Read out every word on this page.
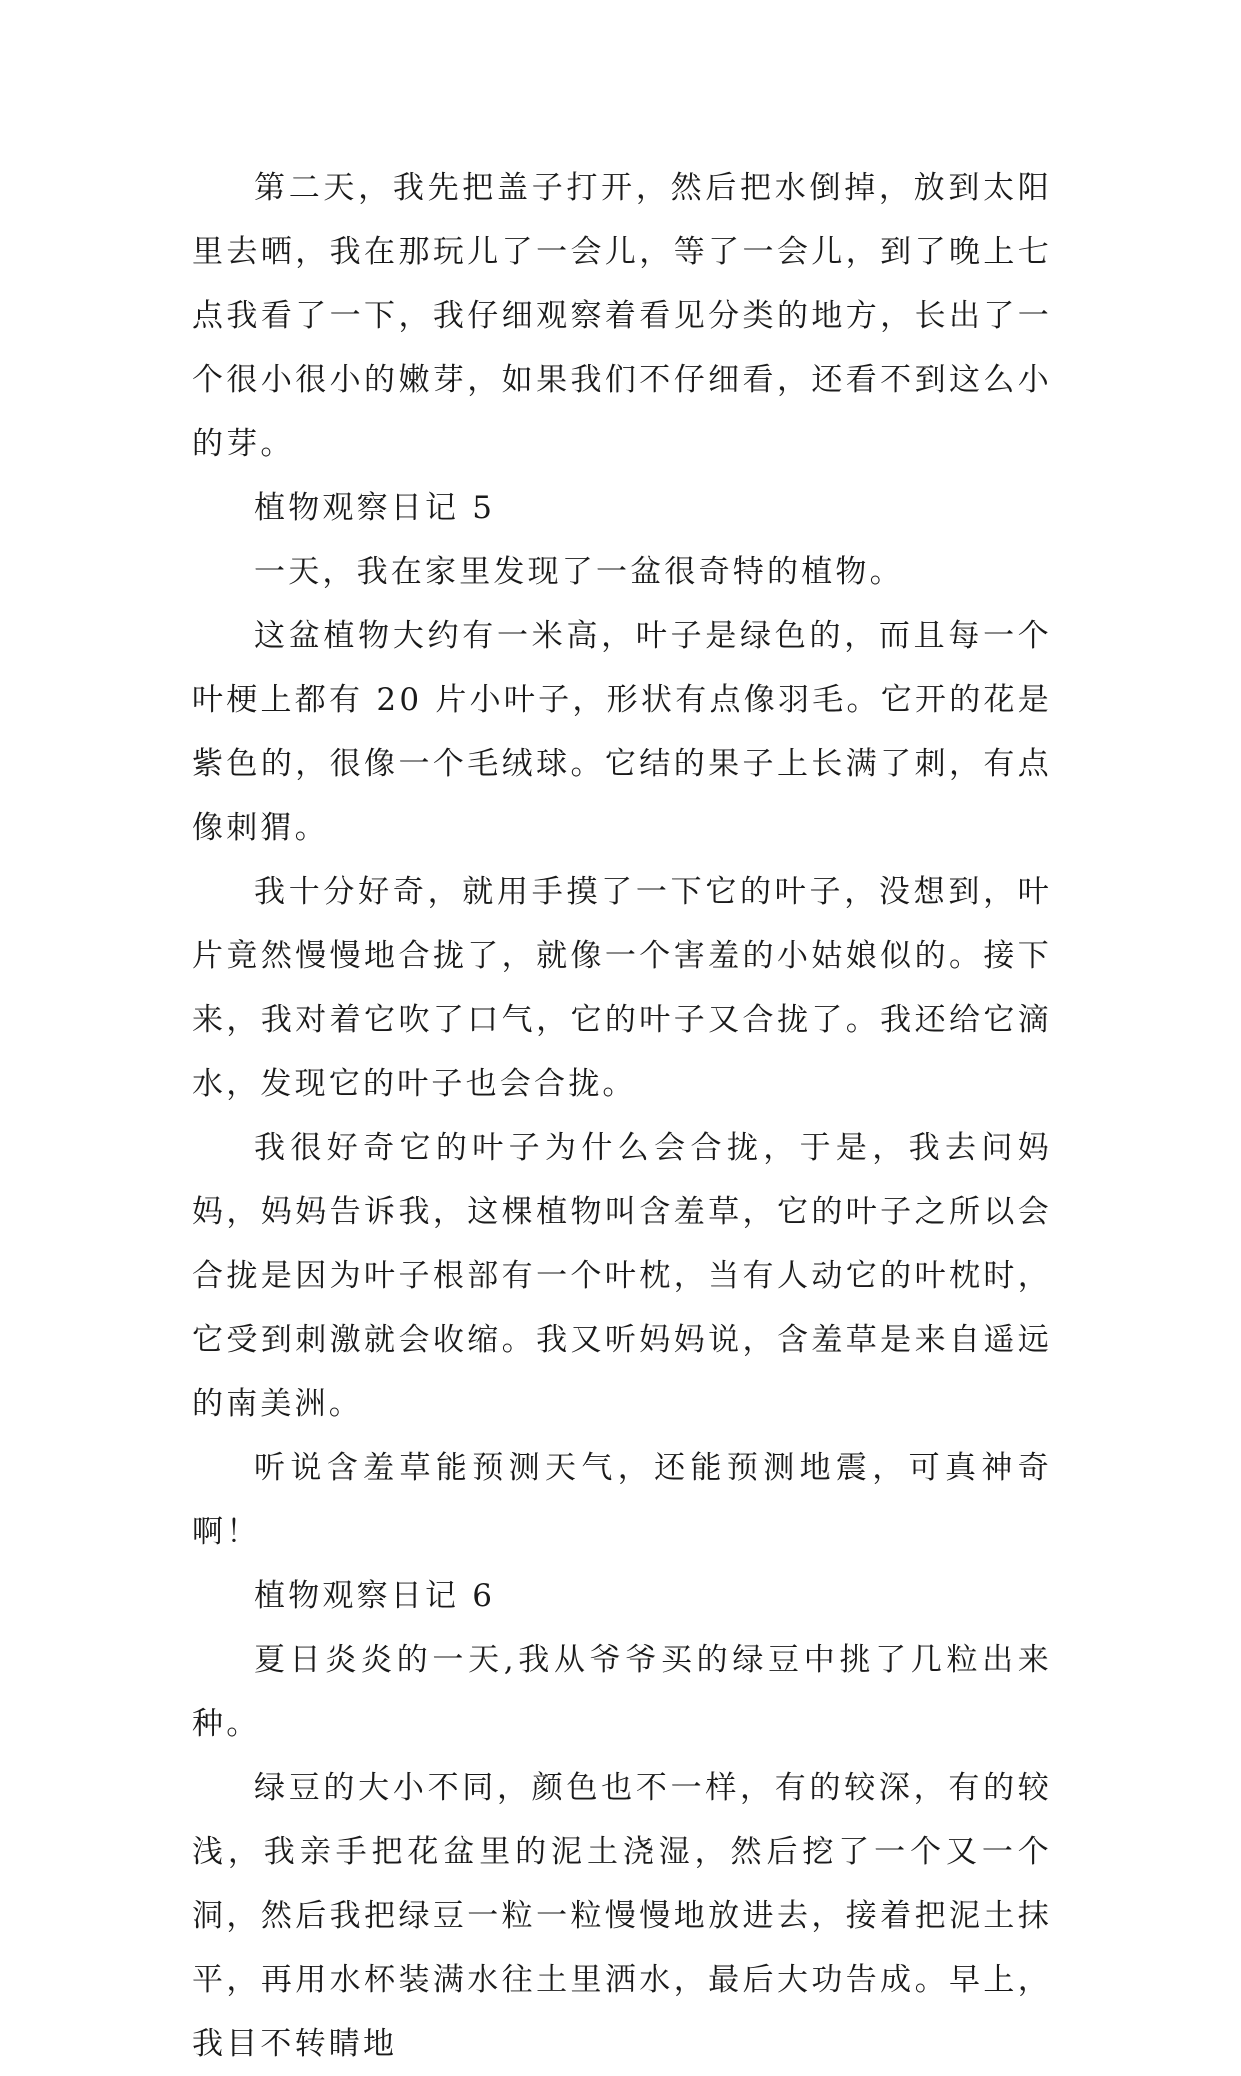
第二天，我先把盖子打开，然后把水倒掉，放到太阳里去晒，我在那玩儿了一会儿，等了一会儿，到了晚上七点我看了一下，我仔细观察着看见分类的地方，长出了一个很小很小的嫩芽，如果我们不仔细看，还看不到这么小的芽。

植物观察日记 5

一天，我在家里发现了一盆很奇特的植物。

这盆植物大约有一米高，叶子是绿色的，而且每一个叶梗上都有 20 片小叶子，形状有点像羽毛。它开的花是紫色的，很像一个毛绒球。它结的果子上长满了刺，有点像刺猬。

我十分好奇，就用手摸了一下它的叶子，没想到，叶片竟然慢慢地合拢了，就像一个害羞的小姑娘似的。接下来，我对着它吹了口气，它的叶子又合拢了。我还给它滴水，发现它的叶子也会合拢。

我很好奇它的叶子为什么会合拢，于是，我去问妈妈，妈妈告诉我，这棵植物叫含羞草，它的叶子之所以会合拢是因为叶子根部有一个叶枕，当有人动它的叶枕时，它受到刺激就会收缩。我又听妈妈说，含羞草是来自遥远的南美洲。

听说含羞草能预测天气，还能预测地震，可真神奇啊！

植物观察日记 6

夏日炎炎的一天,我从爷爷买的绿豆中挑了几粒出来种。

绿豆的大小不同，颜色也不一样，有的较深，有的较浅，我亲手把花盆里的泥土浇湿，然后挖了一个又一个洞，然后我把绿豆一粒一粒慢慢地放进去，接着把泥土抹平，再用水杯装满水往土里洒水，最后大功告成。早上，我目不转睛地
